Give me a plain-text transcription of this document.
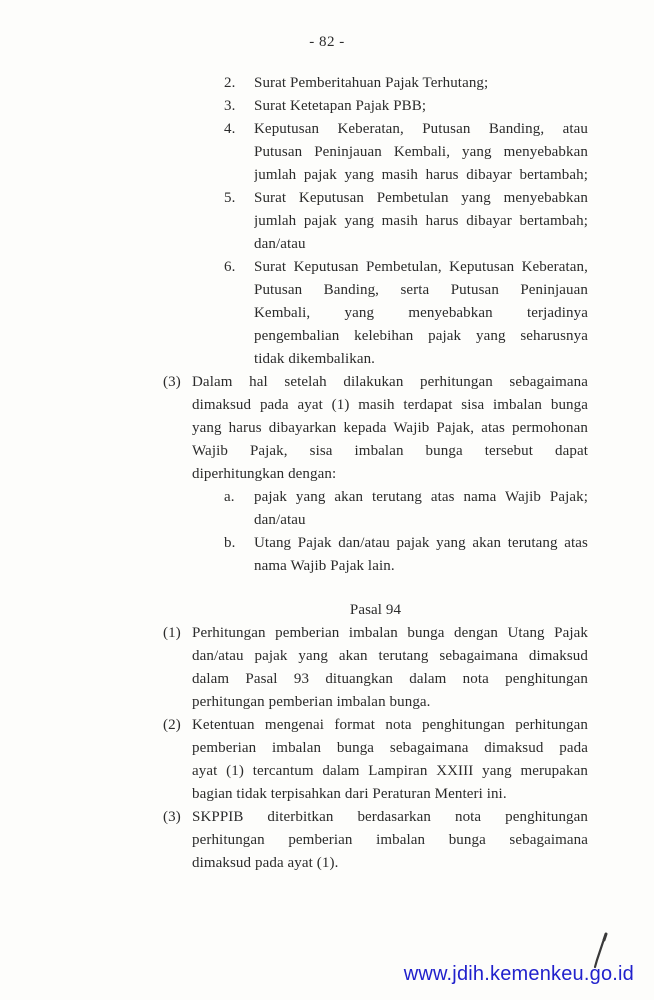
- 82 -
2.	Surat Pemberitahuan Pajak Terhutang;
3.	Surat Ketetapan Pajak PBB;
4.	Keputusan Keberatan, Putusan Banding, atau
Putusan Peninjauan Kembali, yang menyebabkan
jumlah pajak yang masih harus dibayar bertambah;
5.	Surat Keputusan Pembetulan yang menyebabkan
jumlah pajak yang masih harus dibayar bertambah;
dan/atau
6.	Surat Keputusan Pembetulan, Keputusan Keberatan,
Putusan Banding, serta Putusan Peninjauan
Kembali, yang menyebabkan terjadinya
pengembalian kelebihan pajak yang seharusnya
tidak dikembalikan.
(3) Dalam hal setelah dilakukan perhitungan sebagaimana
dimaksud pada ayat (1) masih terdapat sisa imbalan bunga
yang harus dibayarkan kepada Wajib Pajak, atas permohonan
Wajib Pajak, sisa imbalan bunga tersebut dapat
diperhitungkan dengan:
a.	pajak yang akan terutang atas nama Wajib Pajak;
dan/atau
b.	Utang Pajak dan/atau pajak yang akan terutang atas
nama Wajib Pajak lain.
Pasal 94
(1) Perhitungan pemberian imbalan bunga dengan Utang Pajak
dan/atau pajak yang akan terutang sebagaimana dimaksud
dalam Pasal 93 dituangkan dalam nota penghitungan
perhitungan pemberian imbalan bunga.
(2) Ketentuan mengenai format nota penghitungan perhitungan
pemberian imbalan bunga sebagaimana dimaksud pada
ayat (1) tercantum dalam Lampiran XXIII yang merupakan
bagian tidak terpisahkan dari Peraturan Menteri ini.
(3) SKPPIB diterbitkan berdasarkan nota penghitungan
perhitungan pemberian imbalan bunga sebagaimana
dimaksud pada ayat (1).
www.jdih.kemenkeu.go.id
